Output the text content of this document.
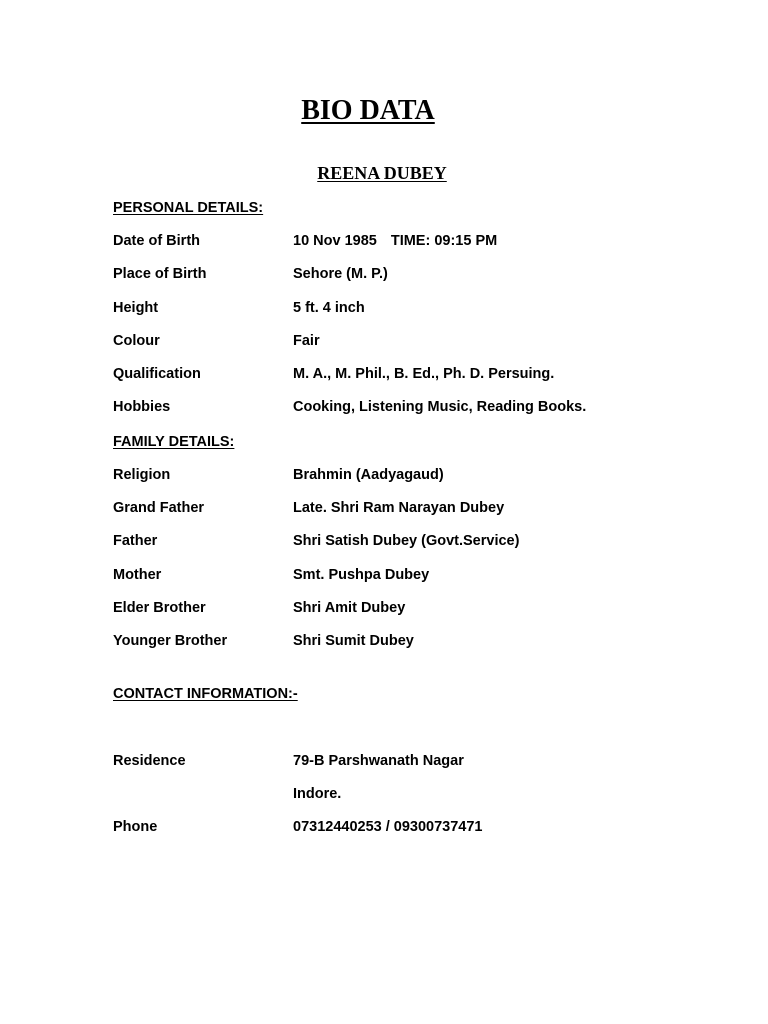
BIO DATA
REENA DUBEY
PERSONAL DETAILS:
Date of Birth	10 Nov 1985 TIME: 09:15 PM
Place of Birth	Sehore (M. P.)
Height	5 ft. 4 inch
Colour	Fair
Qualification	M. A., M. Phil., B. Ed., Ph. D. Persuing.
Hobbies	Cooking, Listening Music, Reading Books.
FAMILY DETAILS:
Religion	Brahmin (Aadyagaud)
Grand Father	Late. Shri Ram Narayan Dubey
Father	Shri Satish Dubey (Govt.Service)
Mother	Smt. Pushpa Dubey
Elder Brother	Shri Amit Dubey
Younger Brother	Shri Sumit Dubey
CONTACT INFORMATION:-
Residence	79-B Parshwanath Nagar
Indore.
Phone	07312440253 / 09300737471
